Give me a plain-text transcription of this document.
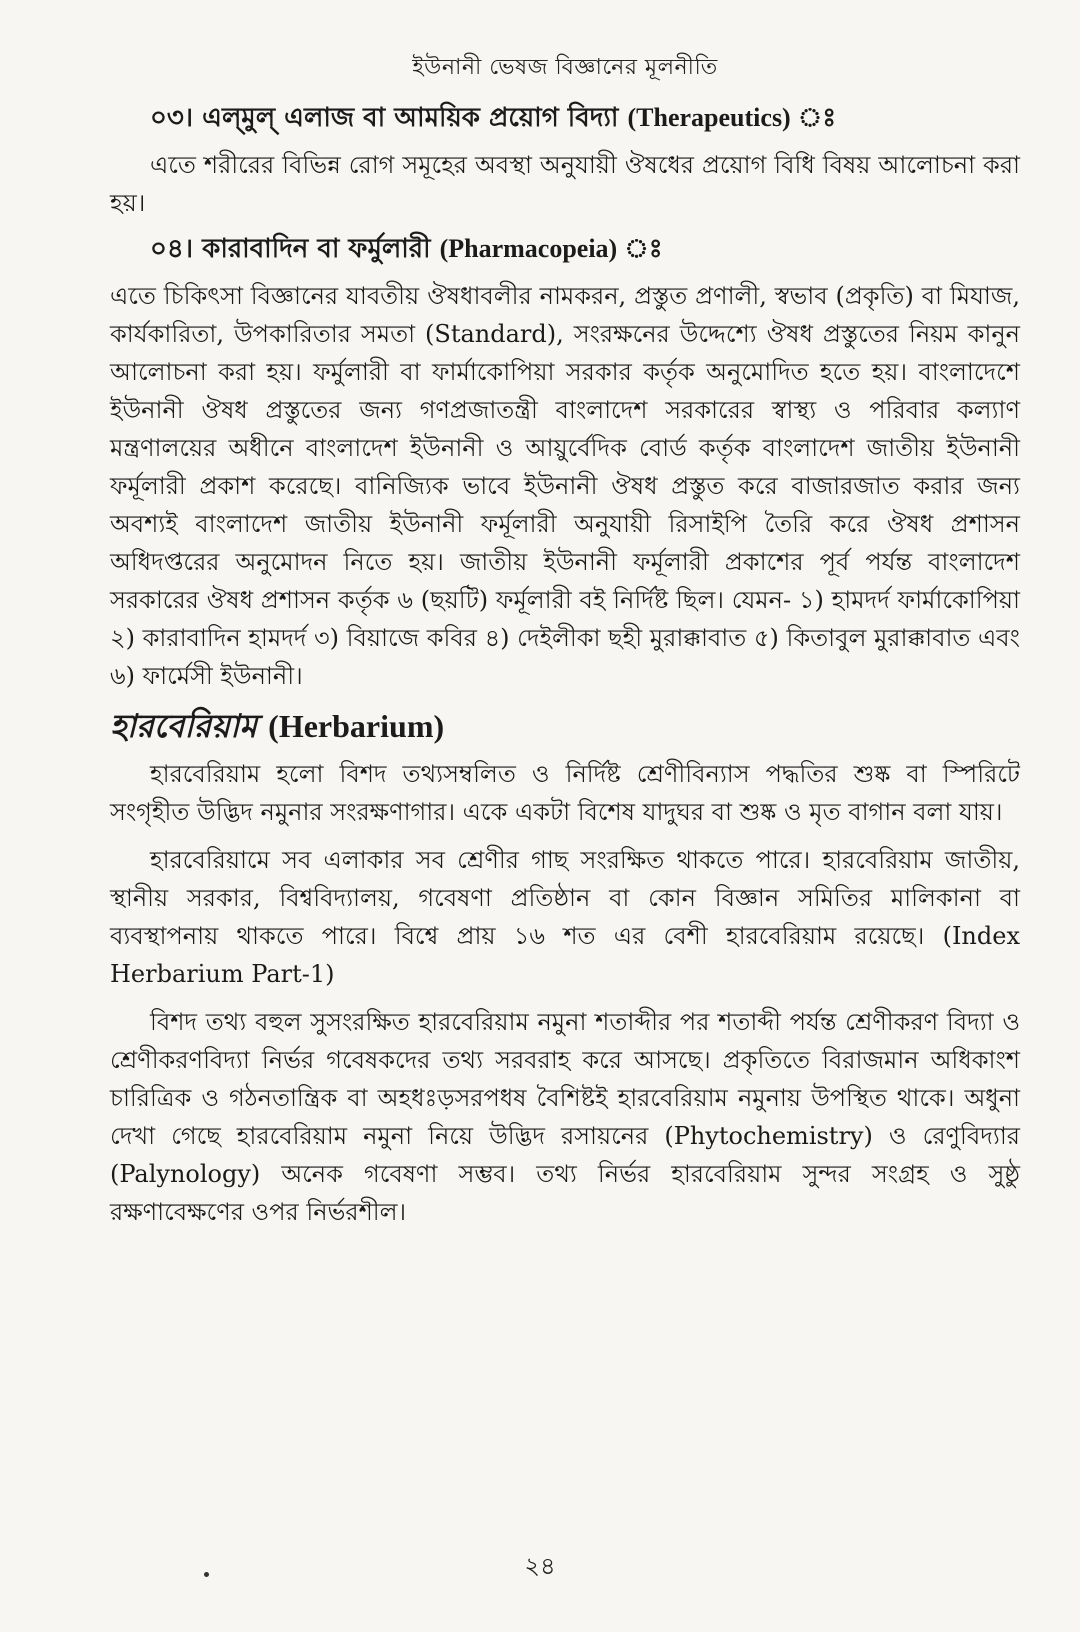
ইউনানী ভেষজ বিজ্ঞানের মূলনীতি
০৩। এল্‌মুল্‌ এলাজ বা আময়িক প্রয়োগ বিদ্যা (Therapeutics) ঃ

এতে শরীরের বিভিন্ন রোগ সমূহের অবস্থা অনুযায়ী ঔষধের প্রয়োগ বিধি বিষয় আলোচনা করা হয়।

০৪। কারাবাদিন বা ফর্মুলারী (Pharmacopeia) ঃ

এতে চিকিৎসা বিজ্ঞানের যাবতীয় ঔষধাবলীর নামকরন, প্রস্তুত প্রণালী, স্বভাব (প্রকৃতি) বা মিযাজ, কার্যকারিতা, উপকারিতার সমতা (Standard), সংরক্ষনের উদ্দেশ্যে ঔষধ প্রস্তুতের নিয়ম কানুন আলোচনা করা হয়। ফর্মুলারী বা ফার্মাকোপিয়া সরকার কর্তৃক অনুমোদিত হতে হয়। বাংলাদেশে ইউনানী ঔষধ প্রস্তুতের জন্য গণপ্রজাতন্ত্রী বাংলাদেশ সরকারের স্বাস্থ্য ও পরিবার কল্যাণ মন্ত্রণালয়ের অধীনে বাংলাদেশ ইউনানী ও আয়ুর্বেদিক বোর্ড কর্তৃক বাংলাদেশ জাতীয় ইউনানী ফর্মূলারী প্রকাশ করেছে। বানিজ্যিক ভাবে ইউনানী ঔষধ প্রস্তুত করে বাজারজাত করার জন্য অবশ্যই বাংলাদেশ জাতীয় ইউনানী ফর্মূলারী অনুযায়ী রিসাইপি তৈরি করে ঔষধ প্রশাসন অধিদপ্তরের অনুমোদন নিতে হয়। জাতীয় ইউনানী ফর্মূলারী প্রকাশের পূর্ব পর্যন্ত বাংলাদেশ সরকারের ঔষধ প্রশাসন কর্তৃক ৬ (ছয়টি) ফর্মূলারী বই নির্দিষ্ট ছিল। যেমন- ১) হামদর্দ ফার্মাকোপিয়া ২) কারাবাদিন হামদর্দ ৩) বিয়াজে কবির ৪) দেইলীকা ছহী মুরাক্কাবাত ৫) কিতাবুল মুরাক্কাবাত এবং ৬) ফার্মেসী ইউনানী।

হারবেরিয়াম (Herbarium)

হারবেরিয়াম হলো বিশদ তথ্যসম্বলিত ও নির্দিষ্ট শ্রেণীবিন্যাস পদ্ধতির শুষ্ক বা স্পিরিটে সংগৃহীত উদ্ভিদ নমুনার সংরক্ষণাগার। একে একটা বিশেষ যাদুঘর বা শুষ্ক ও মৃত বাগান বলা যায়।

হারবেরিয়ামে সব এলাকার সব শ্রেণীর গাছ সংরক্ষিত থাকতে পারে। হারবেরিয়াম জাতীয়, স্থানীয় সরকার, বিশ্ববিদ্যালয়, গবেষণা প্রতিষ্ঠান বা কোন বিজ্ঞান সমিতির মালিকানা বা ব্যবস্থাপনায় থাকতে পারে। বিশ্বে প্রায় ১৬ শত এর বেশী হারবেরিয়াম রয়েছে। (Index Herbarium Part-1)

বিশদ তথ্য বহুল সুসংরক্ষিত হারবেরিয়াম নমুনা শতাব্দীর পর শতাব্দী পর্যন্ত শ্রেণীকরণ বিদ্যা ও শ্রেণীকরণবিদ্যা নির্ভর গবেষকদের তথ্য সরবরাহ করে আসছে। প্রকৃতিতে বিরাজমান অধিকাংশ চারিত্রিক ও গঠনতান্ত্রিক বা অহধঃড়সরপধষ বৈশিষ্টই হারবেরিয়াম নমুনায় উপস্থিত থাকে। অধুনা দেখা গেছে হারবেরিয়াম নমুনা নিয়ে উদ্ভিদ রসায়নের (Phytochemistry) ও রেণুবিদ্যার (Palynology) অনেক গবেষণা সম্ভব। তথ্য নির্ভর হারবেরিয়াম সুন্দর সংগ্রহ ও সুষ্ঠু রক্ষণাবেক্ষণের ওপর নির্ভরশীল।

২৪
